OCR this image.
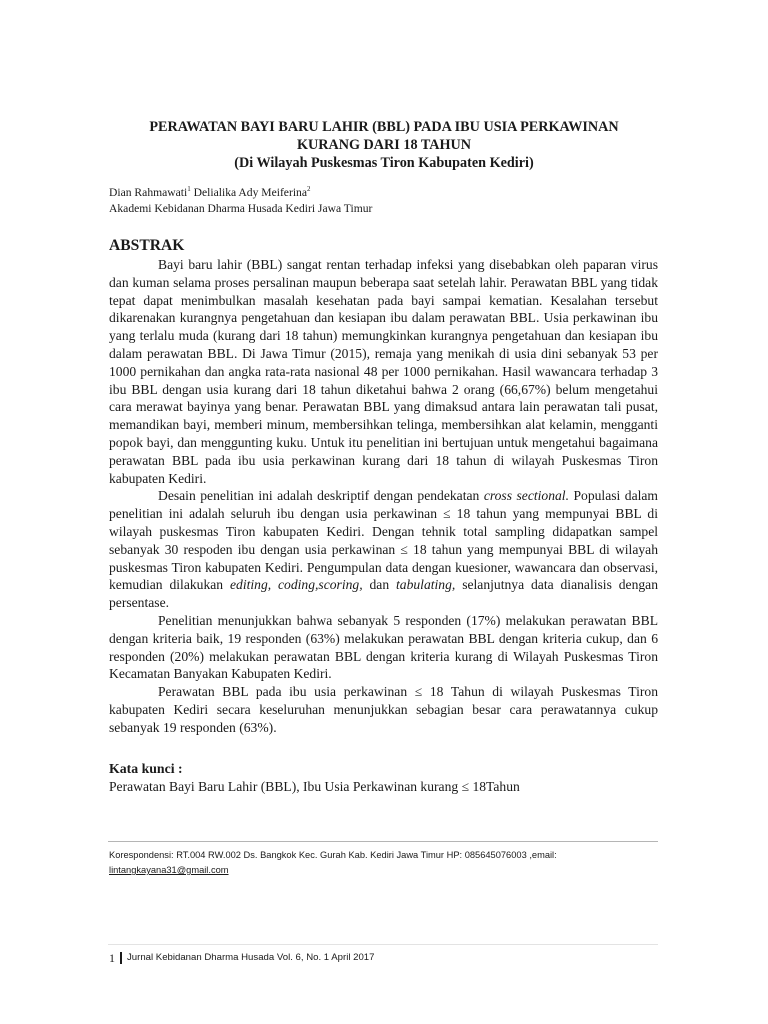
PERAWATAN BAYI BARU LAHIR (BBL) PADA IBU USIA PERKAWINAN
KURANG DARI 18 TAHUN
(Di Wilayah Puskesmas Tiron Kabupaten Kediri)
Dian Rahmawati$^1$ Delialika Ady Meiferina$^2$
Akademi Kebidanan Dharma Husada Kediri Jawa Timur
ABSTRAK

Bayi baru lahir (BBL) sangat rentan terhadap infeksi yang disebabkan oleh paparan virus dan kuman selama proses persalinan maupun beberapa saat setelah lahir. Perawatan BBL yang tidak tepat dapat menimbulkan masalah kesehatan pada bayi sampai kematian. Kesalahan tersebut dikarenakan kurangnya pengetahuan dan kesiapan ibu dalam perawatan BBL. Usia perkawinan ibu yang terlalu muda (kurang dari 18 tahun) memungkinkan kurangnya pengetahuan dan kesiapan ibu dalam perawatan BBL. Di Jawa Timur (2015), remaja yang menikah di usia dini sebanyak 53 per 1000 pernikahan dan angka rata-rata nasional 48 per 1000 pernikahan. Hasil wawancara terhadap 3 ibu BBL dengan usia kurang dari 18 tahun diketahui bahwa 2 orang (66,67%) belum mengetahui cara merawat bayinya yang benar. Perawatan BBL yang dimaksud antara lain perawatan tali pusat, memandikan bayi, memberi minum, membersihkan telinga, membersihkan alat kelamin, mengganti popok bayi, dan menggunting kuku. Untuk itu penelitian ini bertujuan untuk mengetahui bagaimana perawatan BBL pada ibu usia perkawinan kurang dari 18 tahun di wilayah Puskesmas Tiron kabupaten Kediri.

Desain penelitian ini adalah deskriptif dengan pendekatan cross sectional. Populasi dalam penelitian ini adalah seluruh ibu dengan usia perkawinan ≤ 18 tahun yang mempunyai BBL di wilayah puskesmas Tiron kabupaten Kediri. Dengan tehnik total sampling didapatkan sampel sebanyak 30 respoden ibu dengan usia perkawinan ≤ 18 tahun yang mempunyai BBL di wilayah puskesmas Tiron kabupaten Kediri. Pengumpulan data dengan kuesioner, wawancara dan observasi, kemudian dilakukan editing, coding,scoring, dan tabulating, selanjutnya data dianalisis dengan persentase.

Penelitian menunjukkan bahwa sebanyak 5 responden (17%) melakukan perawatan BBL dengan kriteria baik, 19 responden (63%) melakukan perawatan BBL dengan kriteria cukup, dan 6 responden (20%) melakukan perawatan BBL dengan kriteria kurang di Wilayah Puskesmas Tiron Kecamatan Banyakan Kabupaten Kediri.

Perawatan BBL pada ibu usia perkawinan ≤ 18 Tahun di wilayah Puskesmas Tiron kabupaten Kediri secara keseluruhan menunjukkan sebagian besar cara perawatannya cukup sebanyak 19 responden (63%).

Kata kunci :
Perawatan Bayi Baru Lahir (BBL), Ibu Usia Perkawinan kurang ≤ 18Tahun
Korespondensi: RT.004 RW.002 Ds. Bangkok Kec. Gurah Kab. Kediri Jawa Timur HP: 085645076003 ,email:
lintangkayana31@gmail.com
1 Jurnal Kebidanan Dharma Husada Vol. 6, No. 1 April 2017
